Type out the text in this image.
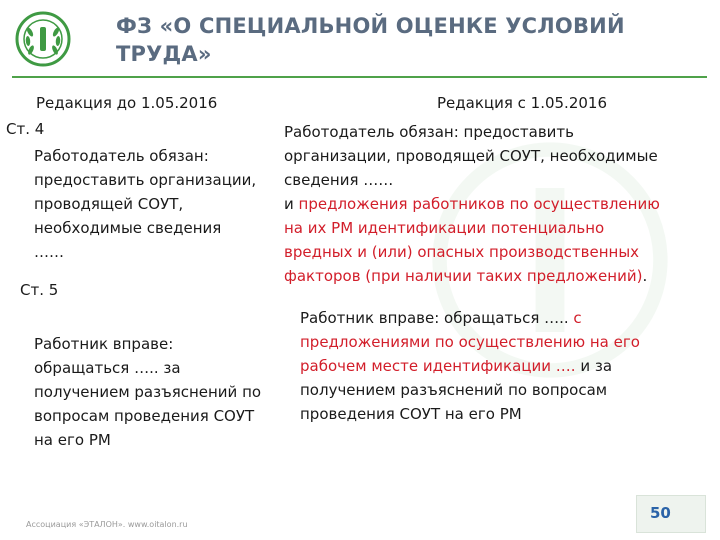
ФЗ «О СПЕЦИАЛЬНОЙ ОЦЕНКЕ УСЛОВИЙ
ТРУДА»
Редакция до 1.05.2016
Ст. 4
Работодатель обязан:
предоставить организации,
проводящей СОУТ,
необходимые сведения
……
Ст. 5
Работник вправе:
обращаться ….. за
получением разъяснений по
вопросам проведения СОУТ
на его РМ
Редакция с 1.05.2016
Работодатель обязан: предоставить
организации, проводящей СОУТ, необходимые
сведения ……
и предложения работников по осуществлению
на их РМ идентификации потенциально
вредных и (или) опасных производственных
факторов (при наличии таких предложений).
Работник вправе: обращаться ….. с
предложениями по осуществлению на его
рабочем месте идентификации …. и за
получением разъяснений по вопросам
проведения СОУТ на его РМ
Ассоциация «ЭТАЛОН». www.oitalon.ru
50
